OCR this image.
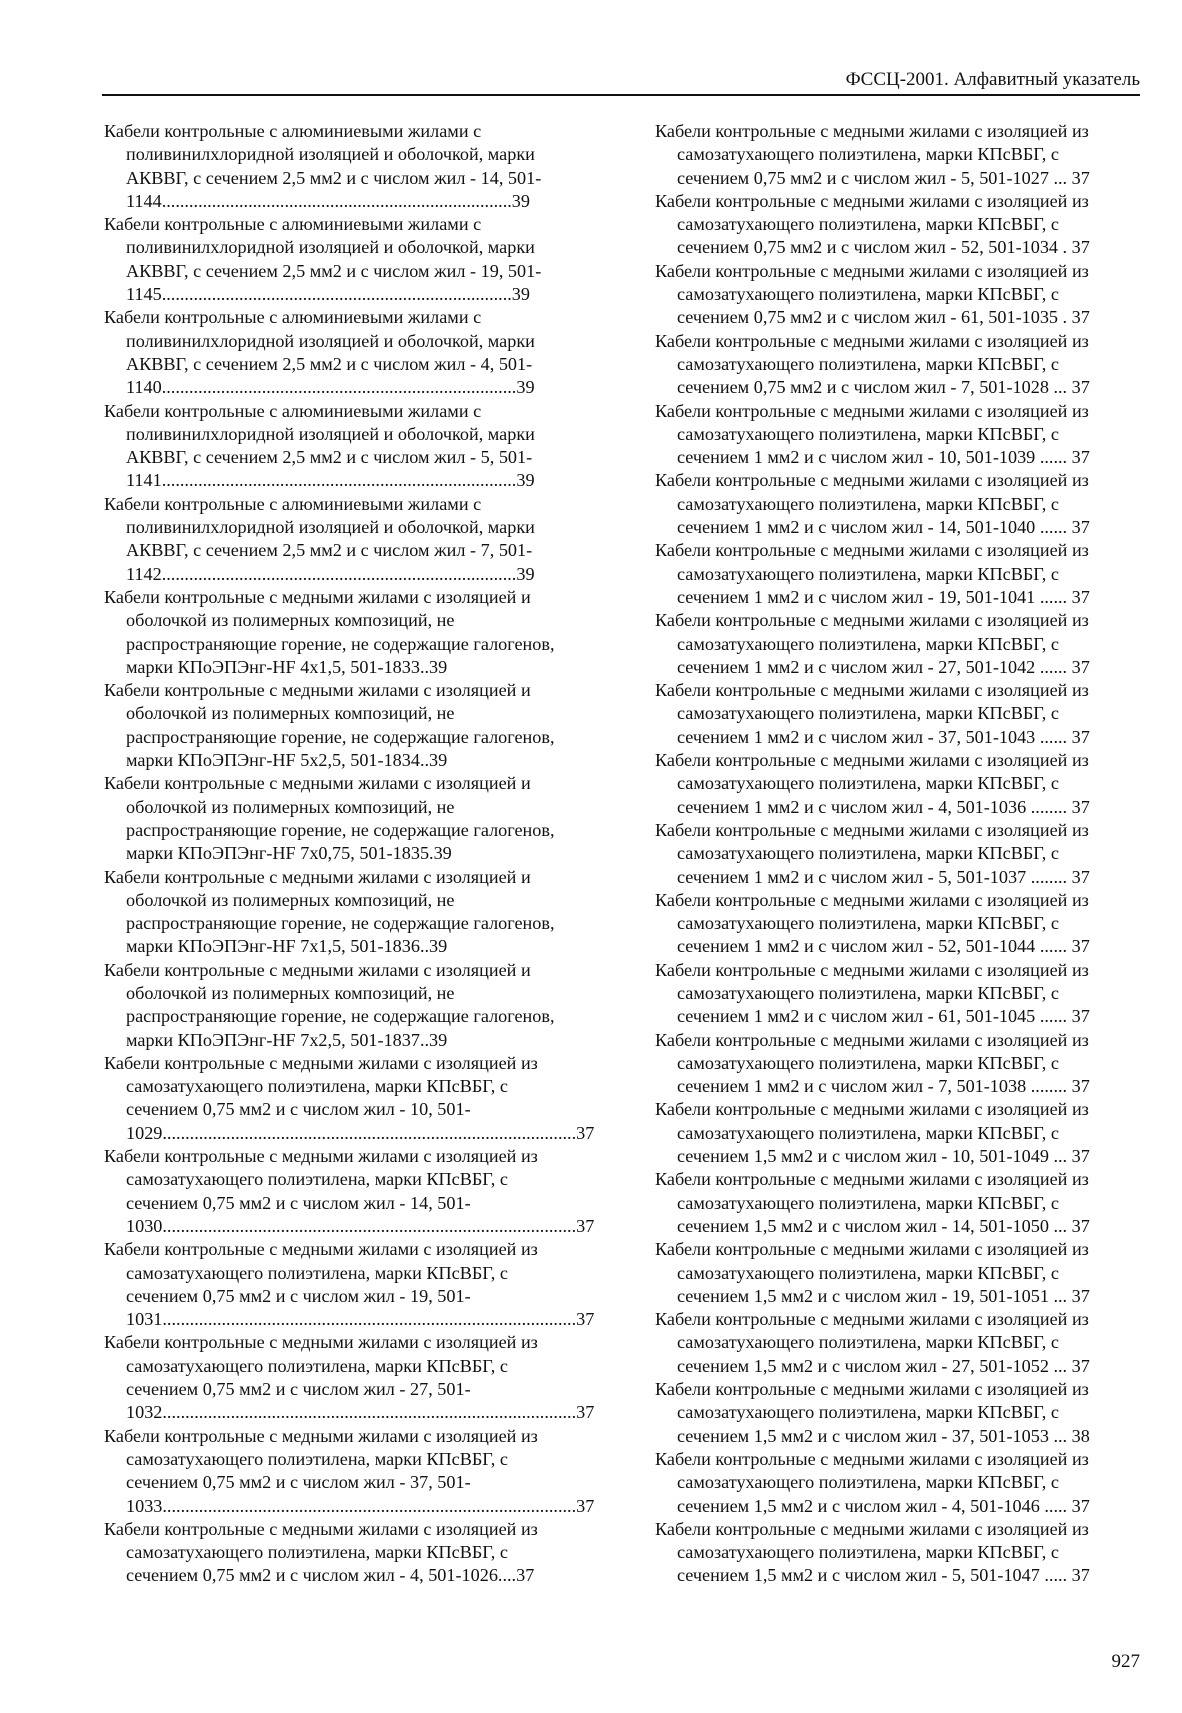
ФССЦ-2001. Алфавитный указатель

Кабели контрольные с алюминиевыми жилами с поливинилхлоридной изоляцией и оболочкой, марки АКВВГ, с сечением 2,5 мм2 и с числом жил - 14, 501-1144.............................................................................39

Кабели контрольные с алюминиевыми жилами с поливинилхлоридной изоляцией и оболочкой, марки АКВВГ, с сечением 2,5 мм2 и с числом жил - 19, 501-1145.............................................................................39

Кабели контрольные с алюминиевыми жилами с поливинилхлоридной изоляцией и оболочкой, марки АКВВГ, с сечением 2,5 мм2 и с числом жил - 4, 501-1140..............................................................................39

Кабели контрольные с алюминиевыми жилами с поливинилхлоридной изоляцией и оболочкой, марки АКВВГ, с сечением 2,5 мм2 и с числом жил - 5, 501-1141..............................................................................39

Кабели контрольные с алюминиевыми жилами с поливинилхлоридной изоляцией и оболочкой, марки АКВВГ, с сечением 2,5 мм2 и с числом жил - 7, 501-1142..............................................................................39

Кабели контрольные с медными жилами с изоляцией и оболочкой из полимерных композиций, не распространяющие горение, не содержащие галогенов, марки КПоЭПЭнг-HF 4x1,5, 501-1833..39

Кабели контрольные с медными жилами с изоляцией и оболочкой из полимерных композиций, не распространяющие горение, не содержащие галогенов, марки КПоЭПЭнг-HF 5x2,5, 501-1834..39

Кабели контрольные с медными жилами с изоляцией и оболочкой из полимерных композиций, не распространяющие горение, не содержащие галогенов, марки КПоЭПЭнг-HF 7x0,75, 501-1835.39

Кабели контрольные с медными жилами с изоляцией и оболочкой из полимерных композиций, не распространяющие горение, не содержащие галогенов, марки КПоЭПЭнг-HF 7x1,5, 501-1836..39

Кабели контрольные с медными жилами с изоляцией и оболочкой из полимерных композиций, не распространяющие горение, не содержащие галогенов, марки КПоЭПЭнг-HF 7x2,5, 501-1837..39

Кабели контрольные с медными жилами с изоляцией из самозатухающего полиэтилена, марки КПсВБГ, с сечением 0,75 мм2 и с числом жил - 10, 501-1029...........................................................................................37

Кабели контрольные с медными жилами с изоляцией из самозатухающего полиэтилена, марки КПсВБГ, с сечением 0,75 мм2 и с числом жил - 14, 501-1030...........................................................................................37

Кабели контрольные с медными жилами с изоляцией из самозатухающего полиэтилена, марки КПсВБГ, с сечением 0,75 мм2 и с числом жил - 19, 501-1031...........................................................................................37

Кабели контрольные с медными жилами с изоляцией из самозатухающего полиэтилена, марки КПсВБГ, с сечением 0,75 мм2 и с числом жил - 27, 501-1032...........................................................................................37

Кабели контрольные с медными жилами с изоляцией из самозатухающего полиэтилена, марки КПсВБГ, с сечением 0,75 мм2 и с числом жил - 37, 501-1033...........................................................................................37

Кабели контрольные с медными жилами с изоляцией из самозатухающего полиэтилена, марки КПсВБГ, с сечением 0,75 мм2 и с числом жил - 4, 501-1026....37

Кабели контрольные с медными жилами с изоляцией из самозатухающего полиэтилена, марки КПсВБГ, с сечением 0,75 мм2 и с числом жил - 5, 501-1027 ... 37

Кабели контрольные с медными жилами с изоляцией из самозатухающего полиэтилена, марки КПсВБГ, с сечением 0,75 мм2 и с числом жил - 52, 501-1034 . 37

Кабели контрольные с медными жилами с изоляцией из самозатухающего полиэтилена, марки КПсВБГ, с сечением 0,75 мм2 и с числом жил - 61, 501-1035 . 37

Кабели контрольные с медными жилами с изоляцией из самозатухающего полиэтилена, марки КПсВБГ, с сечением 0,75 мм2 и с числом жил - 7, 501-1028 ... 37

Кабели контрольные с медными жилами с изоляцией из самозатухающего полиэтилена, марки КПсВБГ, с сечением 1 мм2 и с числом жил - 10, 501-1039 ...... 37

Кабели контрольные с медными жилами с изоляцией из самозатухающего полиэтилена, марки КПсВБГ, с сечением 1 мм2 и с числом жил - 14, 501-1040 ...... 37

Кабели контрольные с медными жилами с изоляцией из самозатухающего полиэтилена, марки КПсВБГ, с сечением 1 мм2 и с числом жил - 19, 501-1041 ...... 37

Кабели контрольные с медными жилами с изоляцией из самозатухающего полиэтилена, марки КПсВБГ, с сечением 1 мм2 и с числом жил - 27, 501-1042 ...... 37

Кабели контрольные с медными жилами с изоляцией из самозатухающего полиэтилена, марки КПсВБГ, с сечением 1 мм2 и с числом жил - 37, 501-1043 ...... 37

Кабели контрольные с медными жилами с изоляцией из самозатухающего полиэтилена, марки КПсВБГ, с сечением 1 мм2 и с числом жил - 4, 501-1036 ........ 37

Кабели контрольные с медными жилами с изоляцией из самозатухающего полиэтилена, марки КПсВБГ, с сечением 1 мм2 и с числом жил - 5, 501-1037 ........ 37

Кабели контрольные с медными жилами с изоляцией из самозатухающего полиэтилена, марки КПсВБГ, с сечением 1 мм2 и с числом жил - 52, 501-1044 ...... 37

Кабели контрольные с медными жилами с изоляцией из самозатухающего полиэтилена, марки КПсВБГ, с сечением 1 мм2 и с числом жил - 61, 501-1045 ...... 37

Кабели контрольные с медными жилами с изоляцией из самозатухающего полиэтилена, марки КПсВБГ, с сечением 1 мм2 и с числом жил - 7, 501-1038 ........ 37

Кабели контрольные с медными жилами с изоляцией из самозатухающего полиэтилена, марки КПсВБГ, с сечением 1,5 мм2 и с числом жил - 10, 501-1049 ... 37

Кабели контрольные с медными жилами с изоляцией из самозатухающего полиэтилена, марки КПсВБГ, с сечением 1,5 мм2 и с числом жил - 14, 501-1050 ... 37

Кабели контрольные с медными жилами с изоляцией из самозатухающего полиэтилена, марки КПсВБГ, с сечением 1,5 мм2 и с числом жил - 19, 501-1051 ... 37

Кабели контрольные с медными жилами с изоляцией из самозатухающего полиэтилена, марки КПсВБГ, с сечением 1,5 мм2 и с числом жил - 27, 501-1052 ... 37

Кабели контрольные с медными жилами с изоляцией из самозатухающего полиэтилена, марки КПсВБГ, с сечением 1,5 мм2 и с числом жил - 37, 501-1053 ... 38

Кабели контрольные с медными жилами с изоляцией из самозатухающего полиэтилена, марки КПсВБГ, с сечением 1,5 мм2 и с числом жил - 4, 501-1046 ..... 37

Кабели контрольные с медными жилами с изоляцией из самозатухающего полиэтилена, марки КПсВБГ, с сечением 1,5 мм2 и с числом жил - 5, 501-1047 ..... 37

927
